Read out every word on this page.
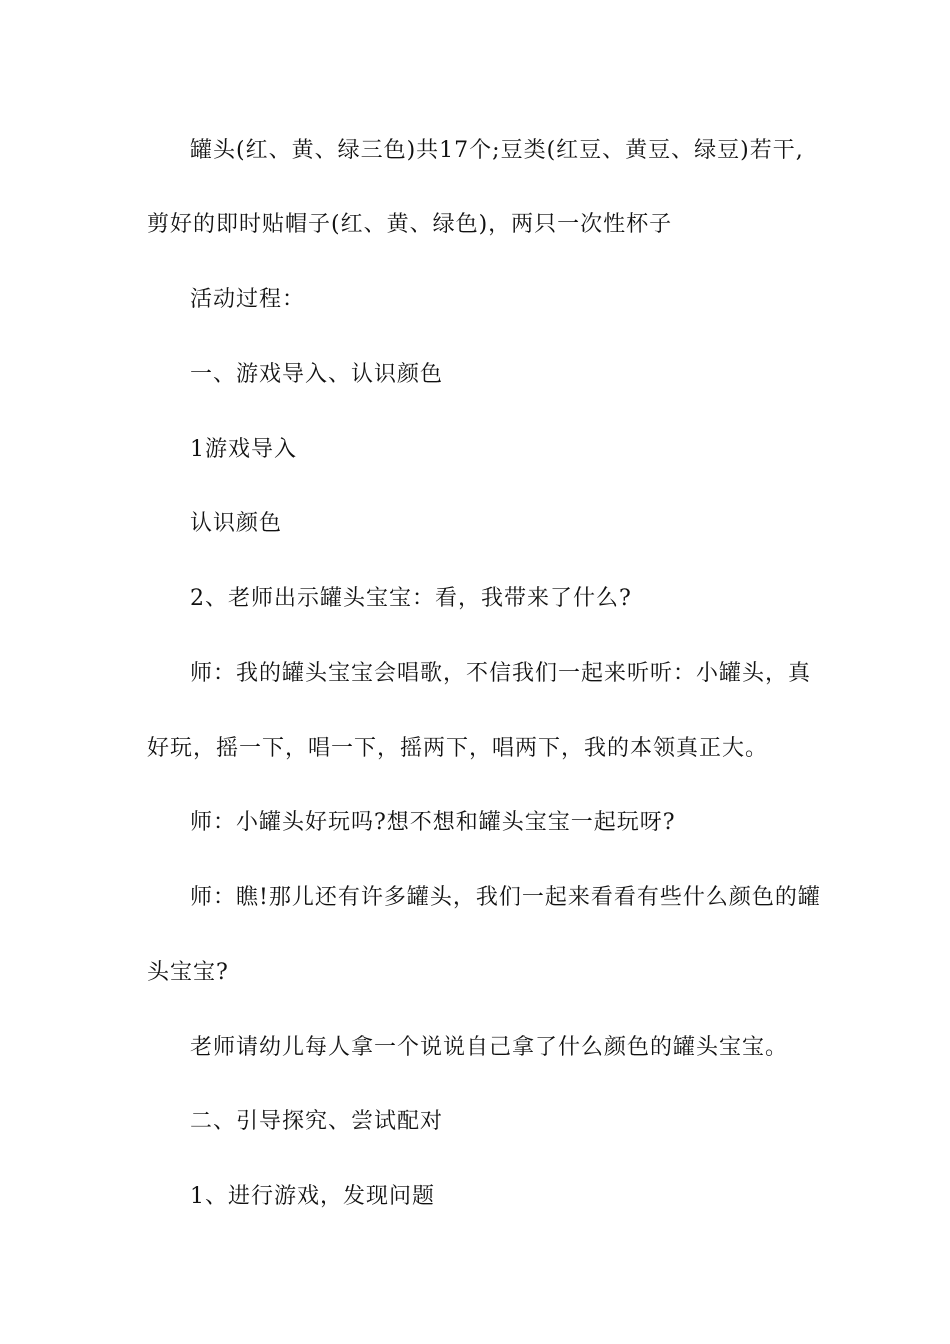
罐头(红、黄、绿三色)共17个;豆类(红豆、黄豆、绿豆)若干,
剪好的即时贴帽子(红、黄、绿色)，两只一次性杯子
活动过程：
一、游戏导入、认识颜色
1游戏导入
认识颜色
2、老师出示罐头宝宝：看，我带来了什么?
师：我的罐头宝宝会唱歌，不信我们一起来听听：小罐头，真
好玩，摇一下，唱一下，摇两下，唱两下，我的本领真正大。
师：小罐头好玩吗?想不想和罐头宝宝一起玩呀?
师：瞧!那儿还有许多罐头，我们一起来看看有些什么颜色的罐
头宝宝?
老师请幼儿每人拿一个说说自己拿了什么颜色的罐头宝宝。
二、引导探究、尝试配对
1、进行游戏，发现问题
